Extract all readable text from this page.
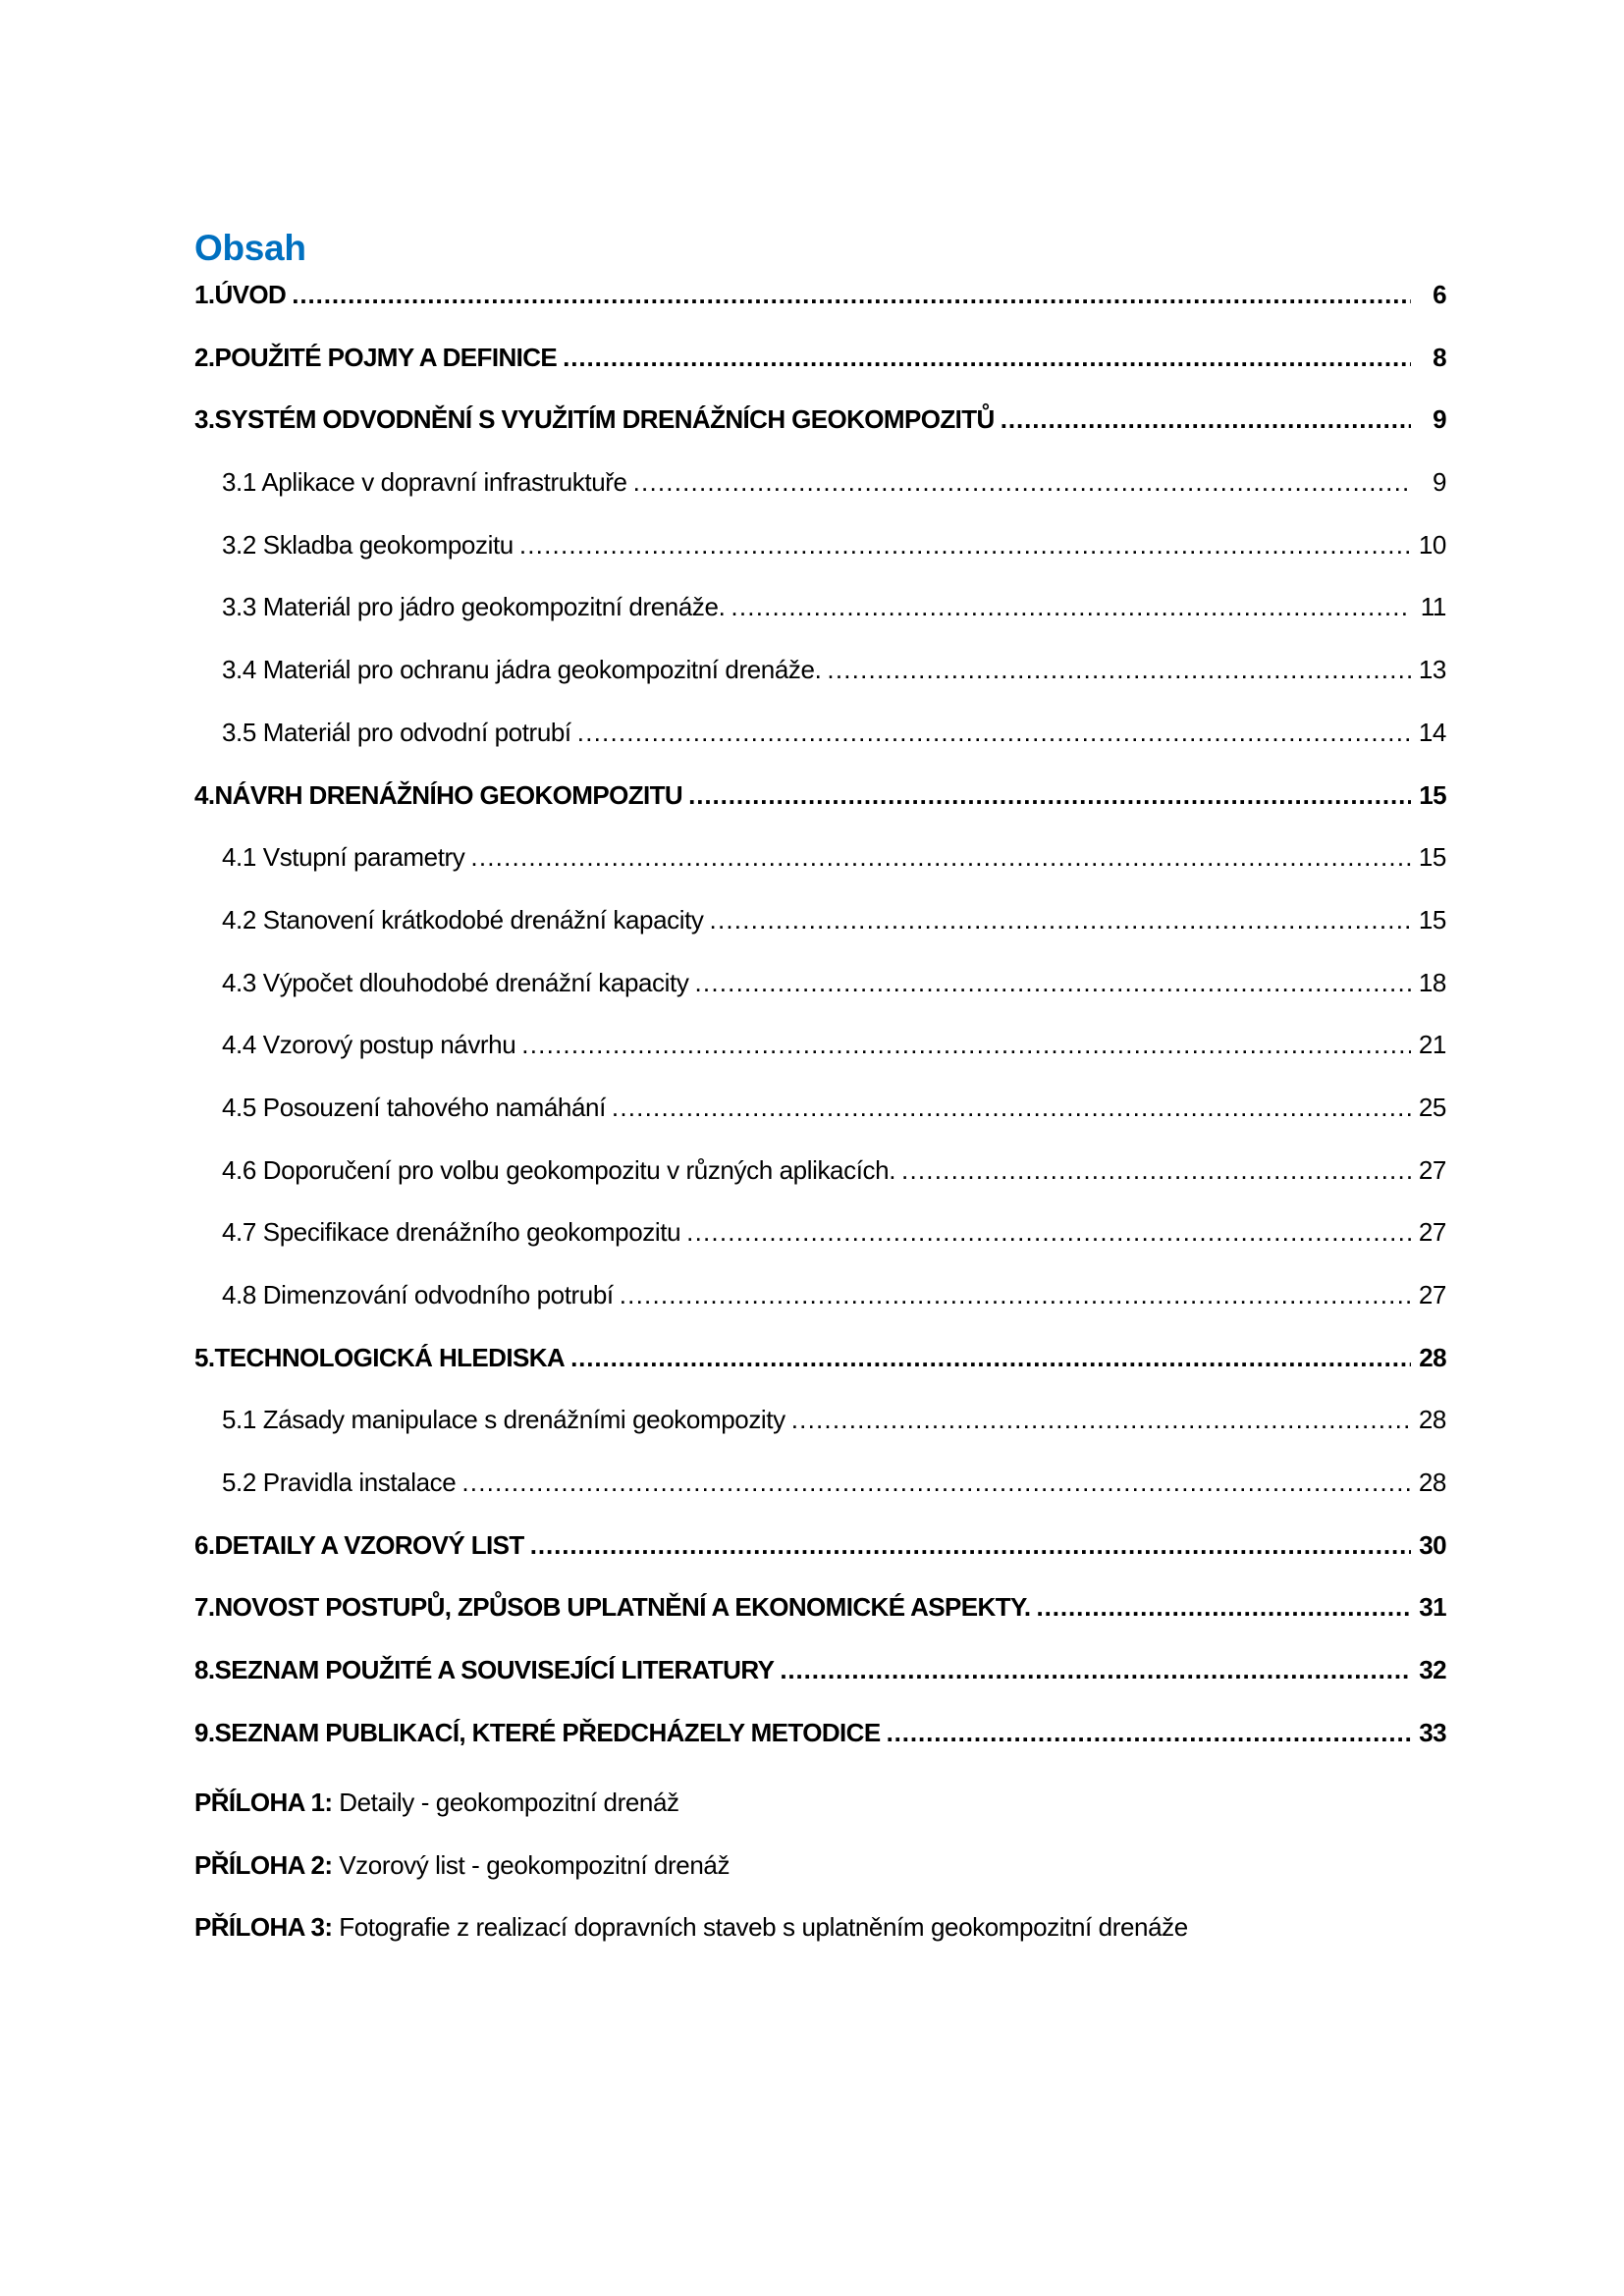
Obsah
1.ÚVOD .....	6
2.POUŽITÉ POJMY A DEFINICE .....	8
3.SYSTÉM ODVODNĚNÍ S VYUŽITÍM DRENÁŽNÍCH GEOKOMPOZITŮ .....	9
3.1 Aplikace v dopravní infrastruktuře .....	9
3.2 Skladba geokompozitu .....	10
3.3 Materiál pro jádro geokompozitní drenáže. .....	11
3.4 Materiál pro ochranu jádra geokompozitní drenáže. .....	13
3.5 Materiál pro odvodní potrubí .....	14
4.NÁVRH DRENÁŽNÍHO GEOKOMPOZITU .....	15
4.1 Vstupní parametry .....	15
4.2 Stanovení krátkodobé drenážní kapacity .....	15
4.3 Výpočet dlouhodobé drenážní kapacity .....	18
4.4 Vzorový postup návrhu .....	21
4.5 Posouzení tahového namáhání .....	25
4.6 Doporučení pro volbu geokompozitu v různých aplikacích. .....	27
4.7 Specifikace drenážního geokompozitu .....	27
4.8 Dimenzování odvodního potrubí .....	27
5.TECHNOLOGICKÁ HLEDISKA .....	28
5.1 Zásady manipulace s drenážními geokompozity .....	28
5.2 Pravidla instalace .....	28
6.DETAILY A VZOROVÝ LIST .....	30
7.NOVOST POSTUPŮ, ZPŮSOB UPLATNĚNÍ A EKONOMICKÉ ASPEKTY. .....	31
8.SEZNAM POUŽITÉ A SOUVISEJÍCÍ LITERATURY .....	32
9.SEZNAM PUBLIKACÍ, KTERÉ PŘEDCHÁZELY METODICE .....	33
PŘÍLOHA 1: Detaily - geokompozitní drenáž
PŘÍLOHA 2: Vzorový list - geokompozitní drenáž
PŘÍLOHA 3: Fotografie z realizací dopravních staveb s uplatněním geokompozitní drenáže
